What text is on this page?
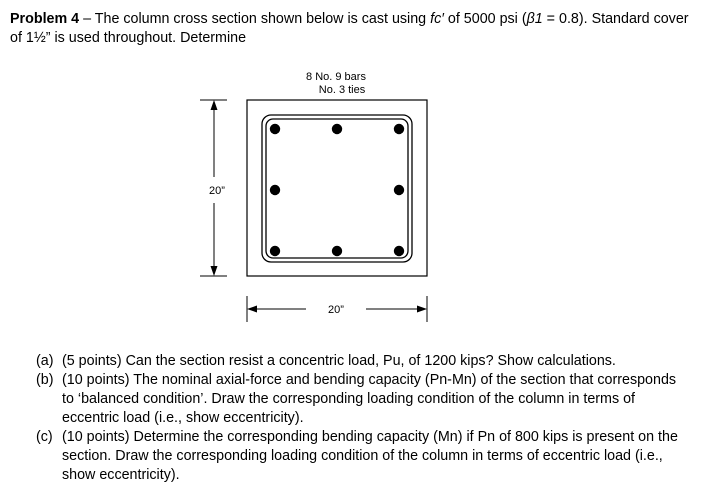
Problem 4 – The column cross section shown below is cast using fc′ of 5000 psi (β1 = 0.8). Standard cover
of 1½” is used throughout. Determine
8 No. 9 bars
No. 3 ties
20”
20”
(a) (5 points) Can the section resist a concentric load, Pu, of 1200 kips? Show calculations.
(b) (10 points) The nominal axial-force and bending capacity (Pn-Mn) of the section that corresponds to ‘balanced condition’. Draw the corresponding loading condition of the column in terms of eccentric load (i.e., show eccentricity).
(c) (10 points) Determine the corresponding bending capacity (Mn) if Pn of 800 kips is present on the section. Draw the corresponding loading condition of the column in terms of eccentric load (i.e., show eccentricity).
